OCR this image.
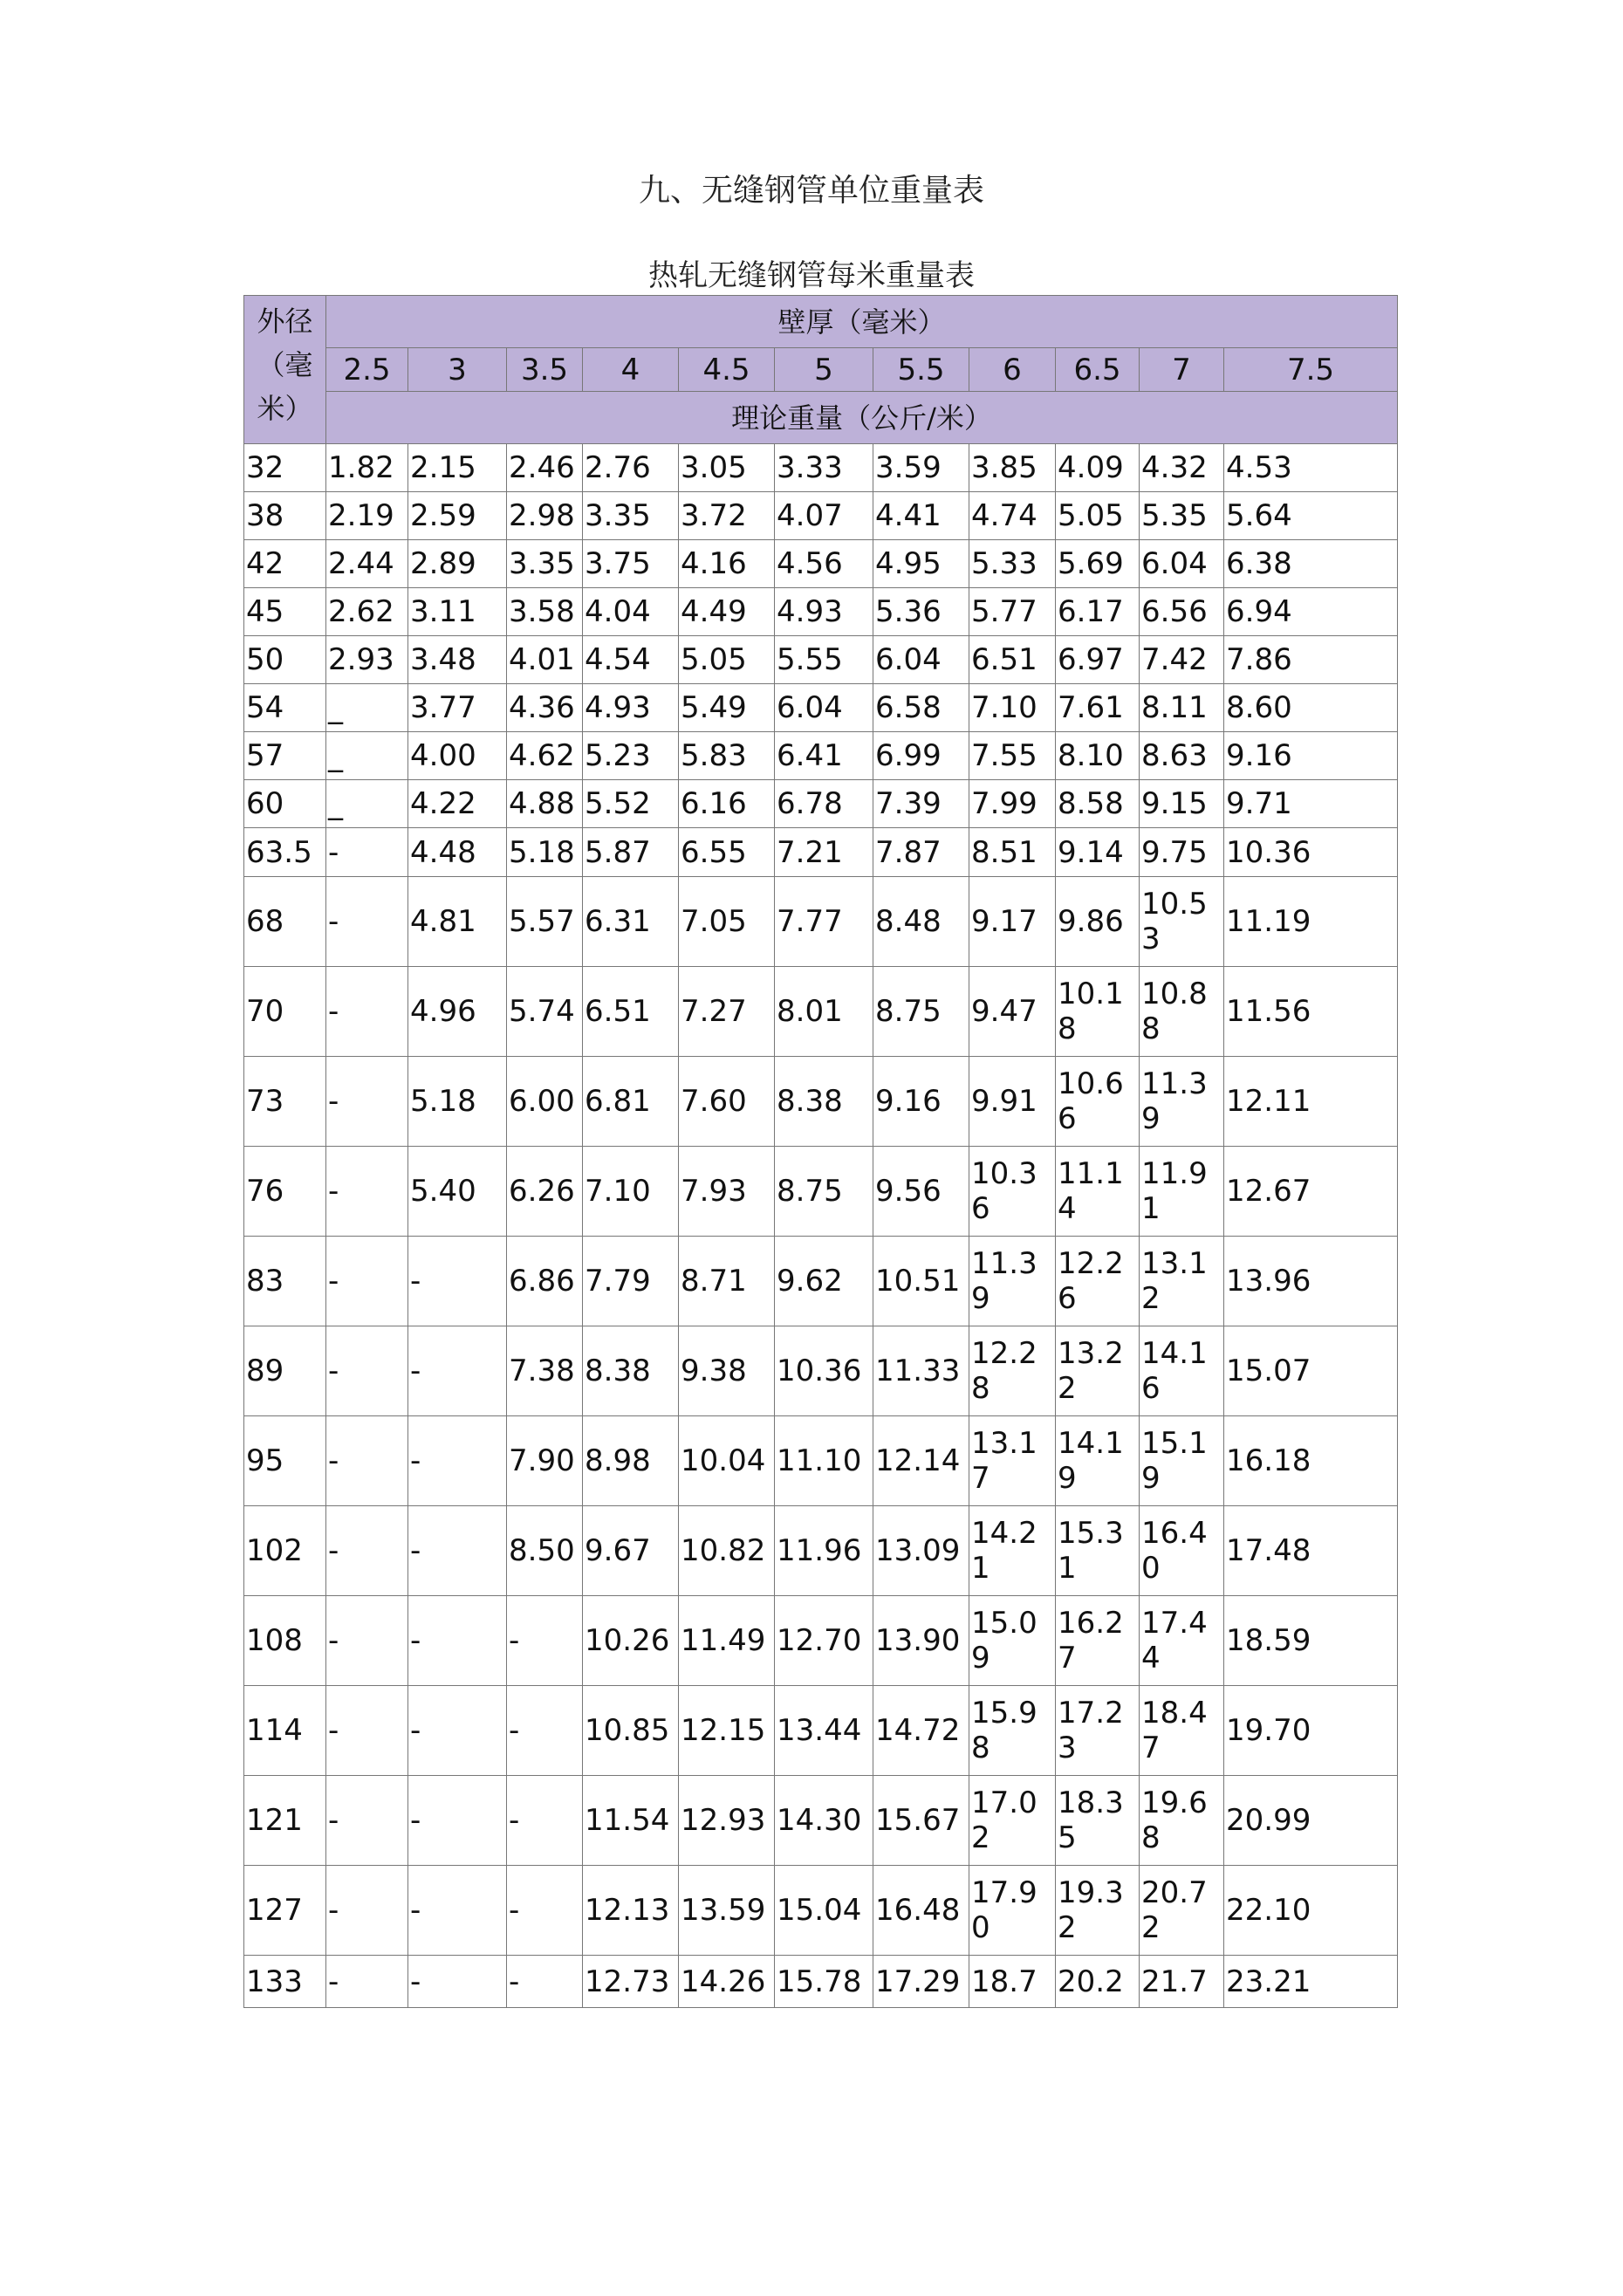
九、无缝钢管单位重量表
热轧无缝钢管每米重量表
外径（毫米）	壁厚（毫米）										
	2.5	3	3.5	4	4.5	5	5.5	6	6.5	7	7.5
	理论重量（公斤/米）										
32	1.82	2.15	2.46	2.76	3.05	3.33	3.59	3.85	4.09	4.32	4.53
38	2.19	2.59	2.98	3.35	3.72	4.07	4.41	4.74	5.05	5.35	5.64
42	2.44	2.89	3.35	3.75	4.16	4.56	4.95	5.33	5.69	6.04	6.38
45	2.62	3.11	3.58	4.04	4.49	4.93	5.36	5.77	6.17	6.56	6.94
50	2.93	3.48	4.01	4.54	5.05	5.55	6.04	6.51	6.97	7.42	7.86
54	_	3.77	4.36	4.93	5.49	6.04	6.58	7.10	7.61	8.11	8.60
57	_	4.00	4.62	5.23	5.83	6.41	6.99	7.55	8.10	8.63	9.16
60	_	4.22	4.88	5.52	6.16	6.78	7.39	7.99	8.58	9.15	9.71
63.5	-	4.48	5.18	5.87	6.55	7.21	7.87	8.51	9.14	9.75	10.36
68	-	4.81	5.57	6.31	7.05	7.77	8.48	9.17	9.86	10.53	11.19
70	-	4.96	5.74	6.51	7.27	8.01	8.75	9.47	10.18	10.88	11.56
73	-	5.18	6.00	6.81	7.60	8.38	9.16	9.91	10.66	11.39	12.11
76	-	5.40	6.26	7.10	7.93	8.75	9.56	10.36	11.14	11.91	12.67
83	-	-	6.86	7.79	8.71	9.62	10.51	11.39	12.26	13.12	13.96
89	-	-	7.38	8.38	9.38	10.36	11.33	12.28	13.22	14.16	15.07
95	-	-	7.90	8.98	10.04	11.10	12.14	13.17	14.19	15.19	16.18
102	-	-	8.50	9.67	10.82	11.96	13.09	14.21	15.31	16.40	17.48
108	-	-	-	10.26	11.49	12.70	13.90	15.09	16.27	17.44	18.59
114	-	-	-	10.85	12.15	13.44	14.72	15.98	17.23	18.47	19.70
121	-	-	-	11.54	12.93	14.30	15.67	17.02	18.35	19.68	20.99
127	-	-	-	12.13	13.59	15.04	16.48	17.90	19.32	20.72	22.10
133	-	-	-	12.73	14.26	15.78	17.29	18.7	20.2	21.7	23.21
